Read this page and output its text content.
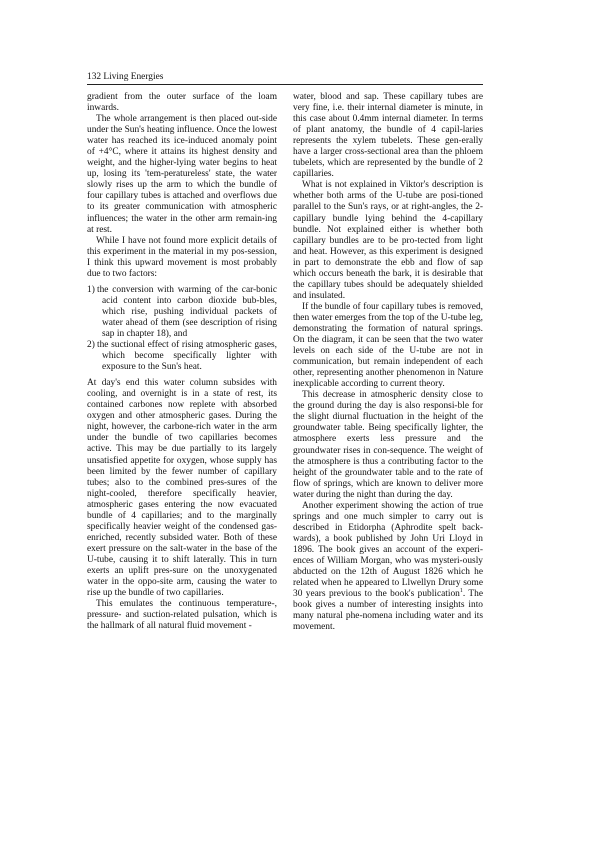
132 Living Energies

gradient from the outer surface of the loam inwards.

The whole arrangement is then placed out-side under the Sun's heating influence. Once the lowest water has reached its ice-induced anomaly point of +4°C, where it attains its highest density and weight, and the higher-lying water begins to heat up, losing its 'tem-peratureless' state, the water slowly rises up the arm to which the bundle of four capillary tubes is attached and overflows due to its greater communication with atmospheric influences; the water in the other arm remain-ing at rest.

While I have not found more explicit details of this experiment in the material in my pos-session, I think this upward movement is most probably due to two factors:

1) the conversion with warming of the car-bonic acid content into carbon dioxide bub-bles, which rise, pushing individual packets of water ahead of them (see description of rising sap in chapter 18), and
2) the suctional effect of rising atmospheric gases, which become specifically lighter with exposure to the Sun's heat.

At day's end this water column subsides with cooling, and overnight is in a state of rest, its contained carbones now replete with absorbed oxygen and other atmospheric gases. During the night, however, the carbone-rich water in the arm under the bundle of two capillaries becomes active. This may be due partially to its largely unsatisfied appetite for oxygen, whose supply has been limited by the fewer number of capillary tubes; also to the combined pres-sures of the night-cooled, therefore specifically heavier, atmospheric gases entering the now evacuated bundle of 4 capillaries; and to the marginally specifically heavier weight of the condensed gas-enriched, recently subsided water. Both of these exert pressure on the salt-water in the base of the U-tube, causing it to shift laterally. This in turn exerts an uplift pres-sure on the unoxygenated water in the oppo-site arm, causing the water to rise up the bundle of two capillaries.

This emulates the continuous temperature-, pressure- and suction-related pulsation, which is the hallmark of all natural fluid movement -

water, blood and sap. These capillary tubes are very fine, i.e. their internal diameter is minute, in this case about 0.4mm internal diameter. In terms of plant anatomy, the bundle of 4 capil-laries represents the xylem tubelets. These gen-erally have a larger cross-sectional area than the phloem tubelets, which are represented by the bundle of 2 capillaries.

What is not explained in Viktor's description is whether both arms of the U-tube are posi-tioned parallel to the Sun's rays, or at right-angles, the 2-capillary bundle lying behind the 4-capillary bundle. Not explained either is whether both capillary bundles are to be pro-tected from light and heat. However, as this experiment is designed in part to demonstrate the ebb and flow of sap which occurs beneath the bark, it is desirable that the capillary tubes should be adequately shielded and insulated.

If the bundle of four capillary tubes is removed, then water emerges from the top of the U-tube leg, demonstrating the formation of natural springs. On the diagram, it can be seen that the two water levels on each side of the U-tube are not in communication, but remain independent of each other, representing another phenomenon in Nature inexplicable according to current theory.

This decrease in atmospheric density close to the ground during the day is also responsi-ble for the slight diurnal fluctuation in the height of the groundwater table. Being specifically lighter, the atmosphere exerts less pressure and the groundwater rises in con-sequence. The weight of the atmosphere is thus a contributing factor to the height of the groundwater table and to the rate of flow of springs, which are known to deliver more water during the night than during the day.

Another experiment showing the action of true springs and one much simpler to carry out is described in Etidorpha (Aphrodite spelt back-wards), a book published by John Uri Lloyd in 1896. The book gives an account of the experi-ences of William Morgan, who was mysteri-ously abducted on the 12th of August 1826 which he related when he appeared to Llwellyn Drury some 30 years previous to the book's publication$^1$. The book gives a number of interesting insights into many natural phe-nomena including water and its movement.
